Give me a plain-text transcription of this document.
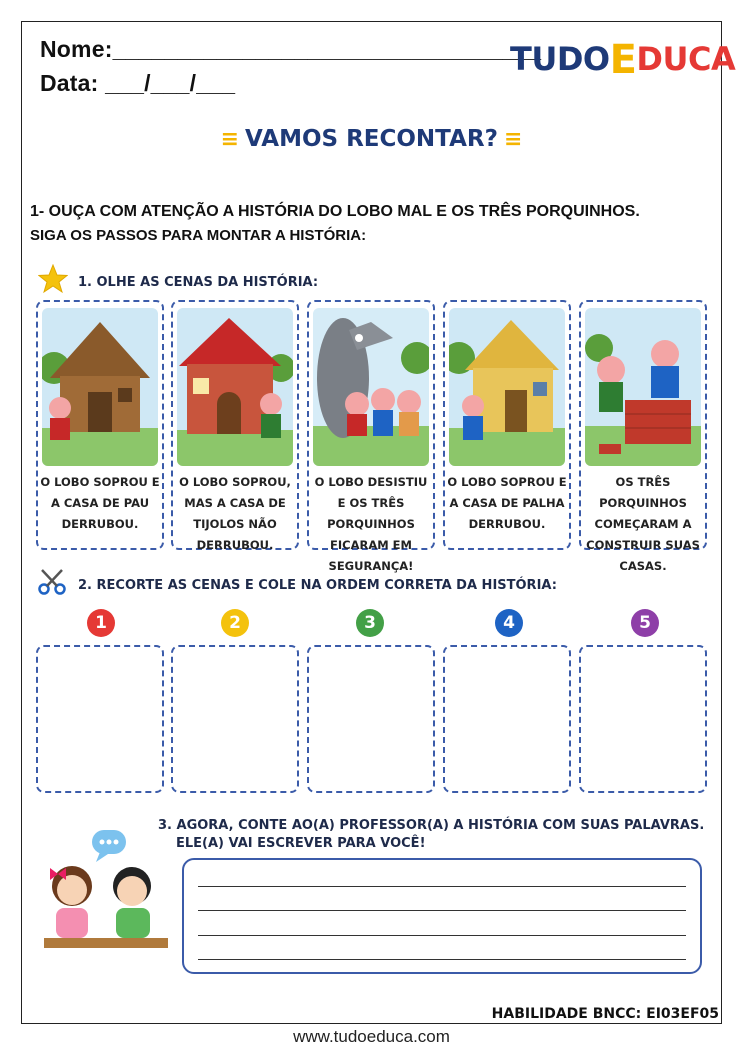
Nome:_________________________________
Data: ___/___/___
TUDOEDUCA
≡ VAMOS RECONTAR? ≡
1- OUÇA COM ATENÇÃO A HISTÓRIA DO LOBO MAL E OS TRÊS PORQUINHOS.
SIGA OS PASSOS PARA MONTAR A HISTÓRIA:
1. OLHE AS CENAS DA HISTÓRIA:
O LOBO SOPROU E A CASA DE PAU DERRUBOU.
O LOBO SOPROU, MAS A CASA DE TIJOLOS NÃO DERRUBOU.
O LOBO DESISTIU E OS TRÊS PORQUINHOS FICARAM EM SEGURANÇA!
O LOBO SOPROU E A CASA DE PALHA DERRUBOU.
OS TRÊS PORQUINHOS COMEÇARAM A CONSTRUIR SUAS CASAS.
2. RECORTE AS CENAS E COLE NA ORDEM CORRETA DA HISTÓRIA:
1	2	3	4	5
3. AGORA, CONTE AO(A) PROFESSOR(A) A HISTÓRIA COM SUAS PALAVRAS.
ELE(A) VAI ESCREVER PARA VOCÊ!
HABILIDADE BNCC: EI03EF05
www.tudoeduca.com
